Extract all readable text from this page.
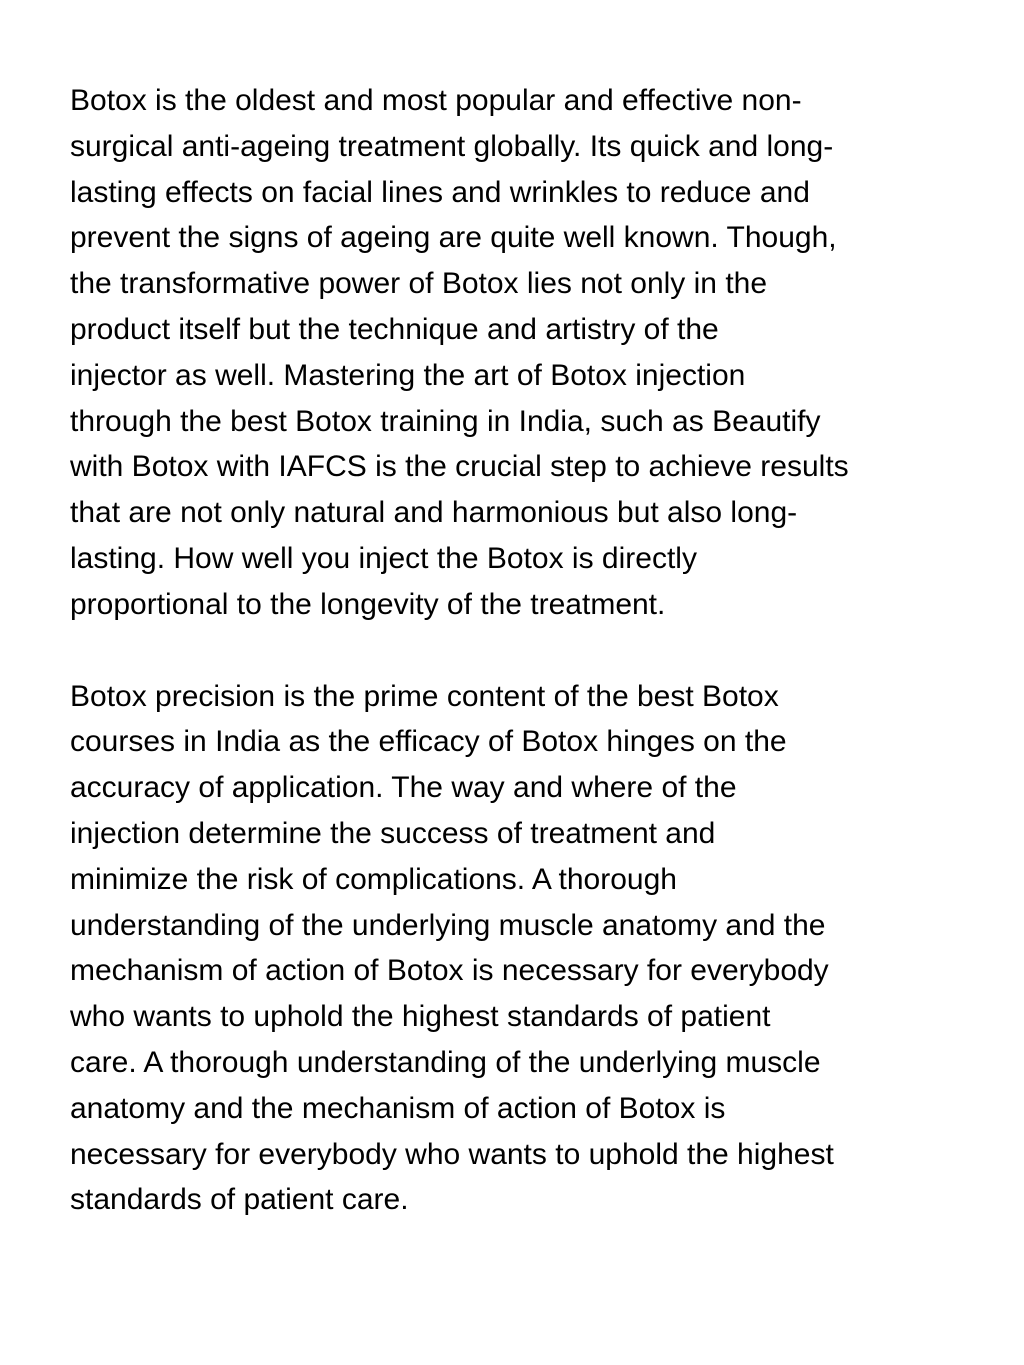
Botox is the oldest and most popular and effective non-
surgical anti-ageing treatment globally. Its quick and long-
lasting effects on facial lines and wrinkles to reduce and
prevent the signs of ageing are quite well known. Though,
the transformative power of Botox lies not only in the
product itself but the technique and artistry of the
injector as well. Mastering the art of Botox injection
through the best Botox training in India, such as Beautify
with Botox with IAFCS is the crucial step to achieve results
that are not only natural and harmonious but also long-
lasting. How well you inject the Botox is directly
proportional to the longevity of the treatment.

Botox precision is the prime content of the best Botox
courses in India as the efficacy of Botox hinges on the
accuracy of application. The way and where of the
injection determine the success of treatment and
minimize the risk of complications. A thorough
understanding of the underlying muscle anatomy and the
mechanism of action of Botox is necessary for everybody
who wants to uphold the highest standards of patient
care. A thorough understanding of the underlying muscle
anatomy and the mechanism of action of Botox is
necessary for everybody who wants to uphold the highest
standards of patient care.
